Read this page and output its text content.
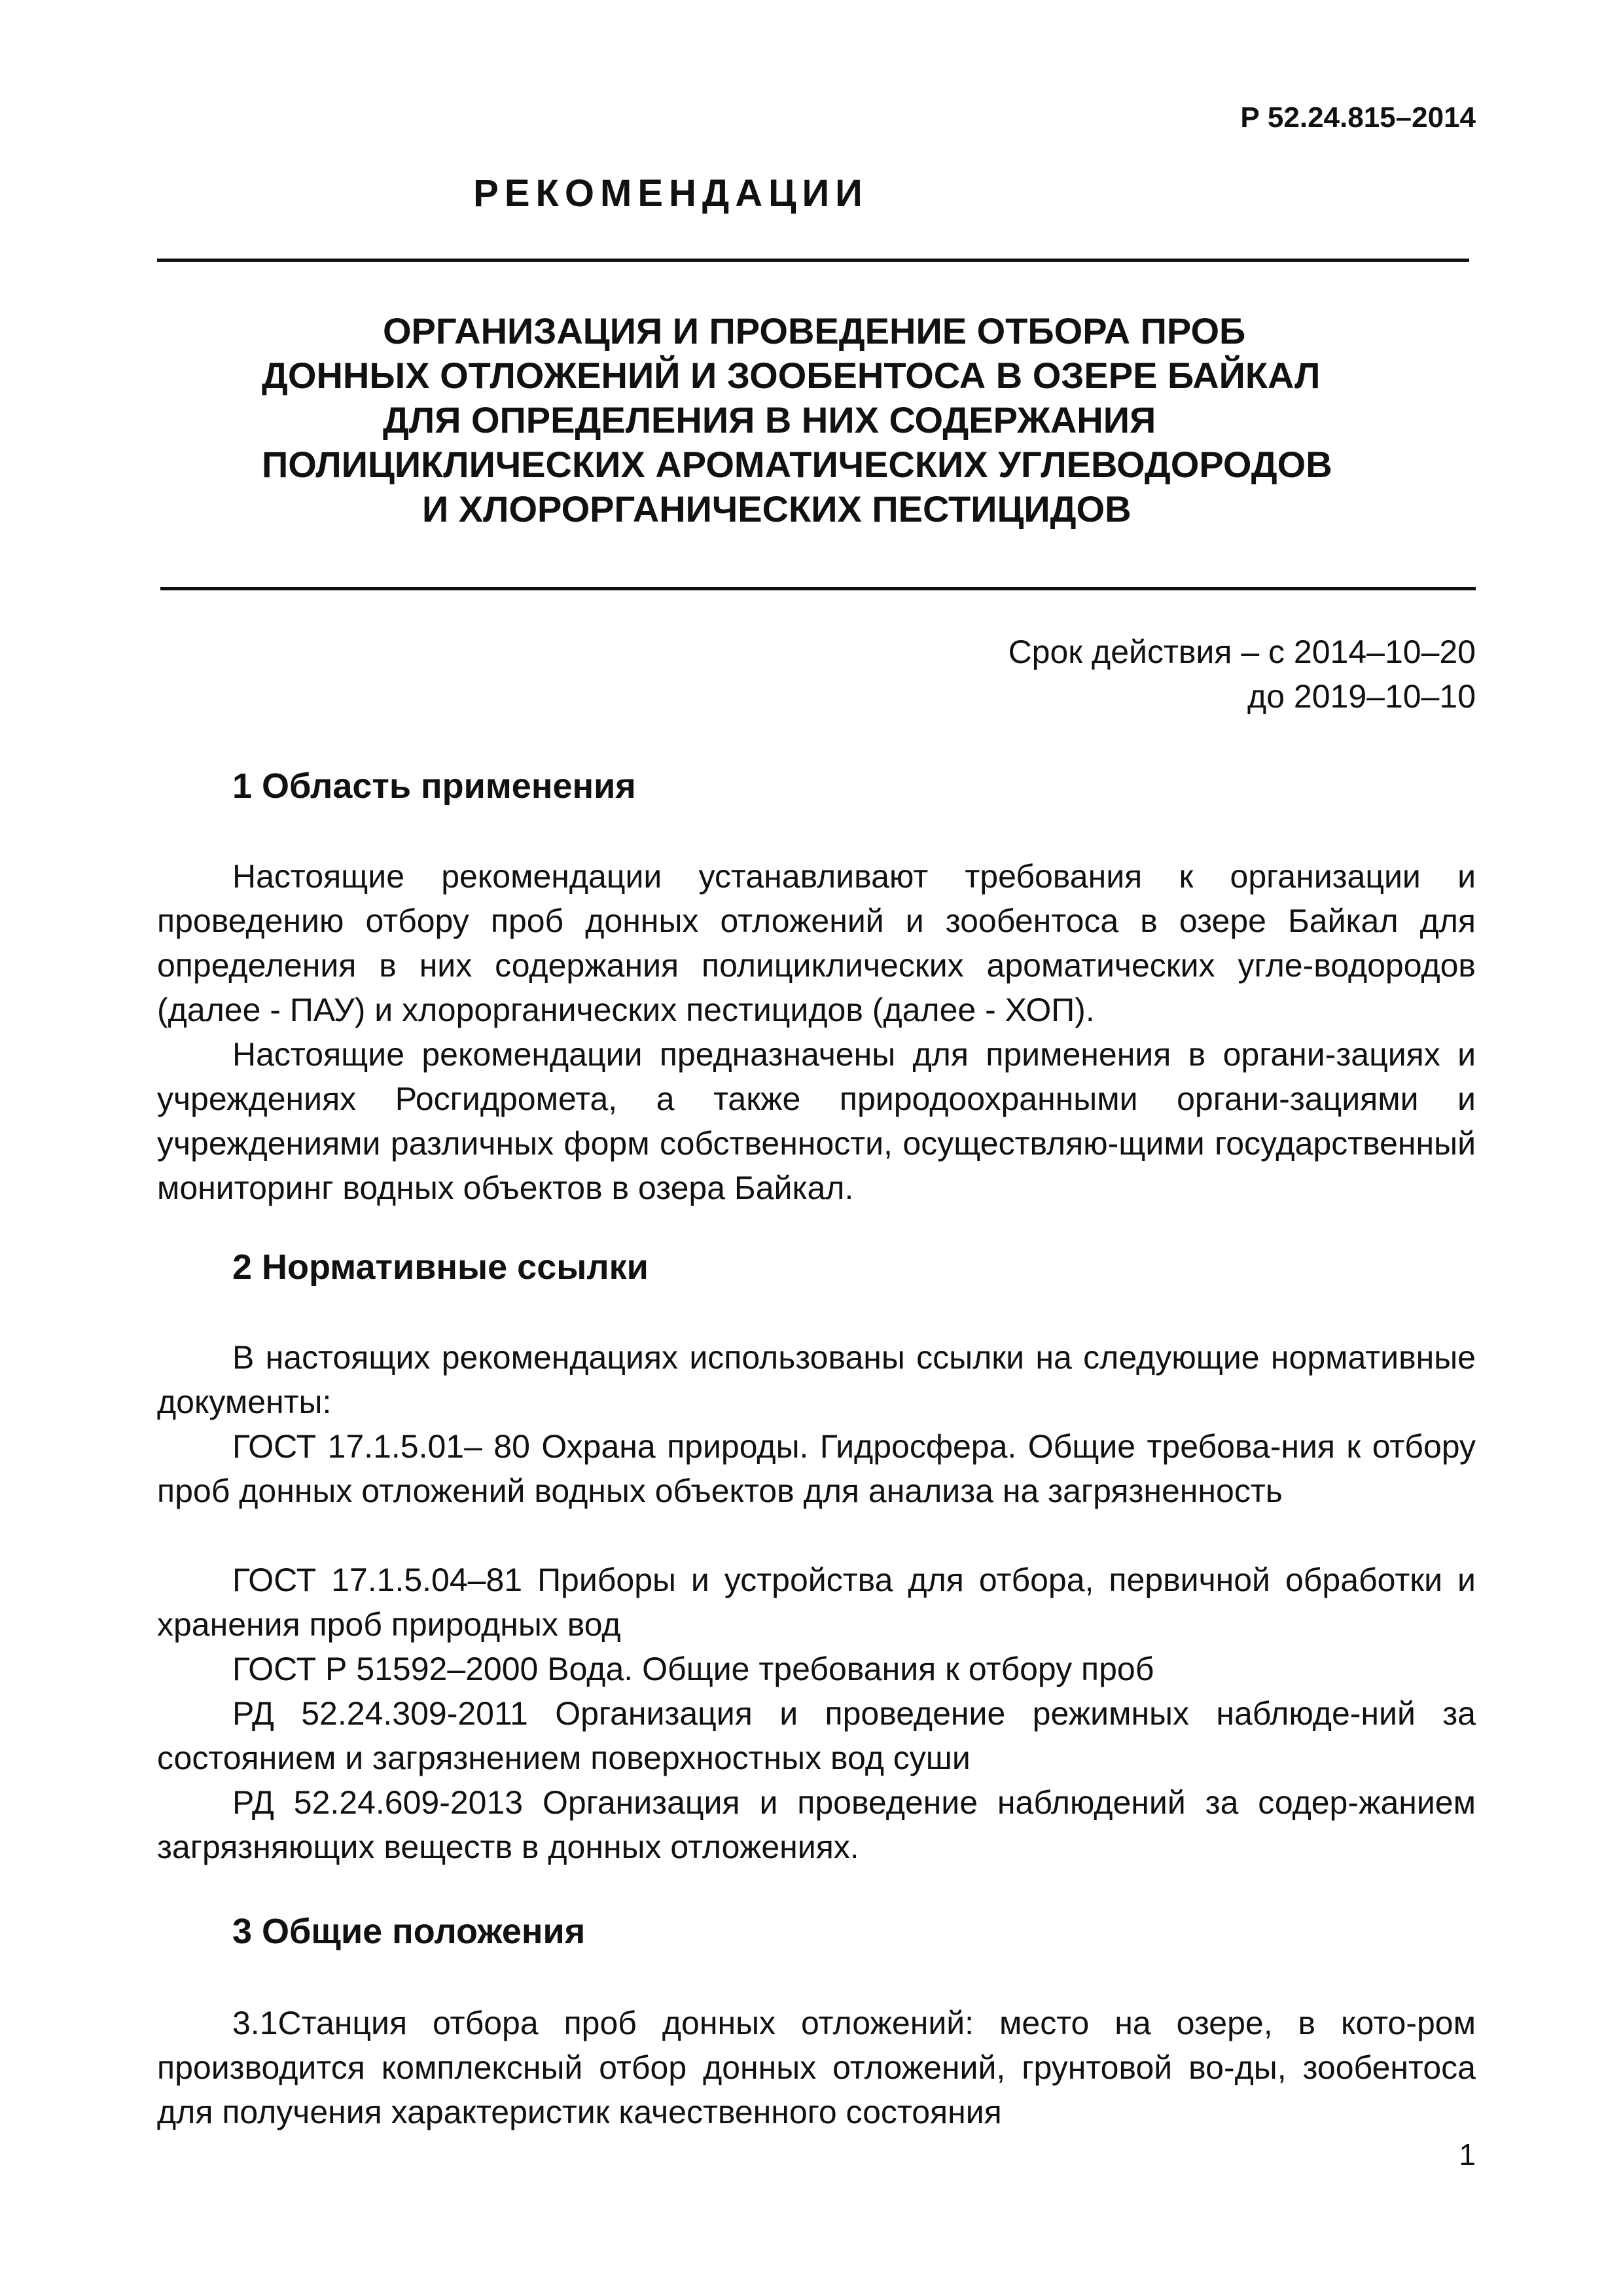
Р 52.24.815–2014
РЕКОМЕНДАЦИИ

ОРГАНИЗАЦИЯ И ПРОВЕДЕНИЕ ОТБОРА ПРОБ

ДОННЫХ ОТЛОЖЕНИЙ И ЗООБЕНТОСА В ОЗЕРЕ БАЙКАЛ

ДЛЯ ОПРЕДЕЛЕНИЯ В НИХ СОДЕРЖАНИЯ

ПОЛИЦИКЛИЧЕСКИХ АРОМАТИЧЕСКИХ УГЛЕВОДОРОДОВ

И ХЛОРОРГАНИЧЕСКИХ ПЕСТИЦИДОВ

Срок действия – с 2014–10–20
до 2019–10–10
1 Область применения

Настоящие рекомендации устанавливают требования к организации и проведению отбору проб донных отложений и зообентоса в озере Байкал для определения в них содержания полициклических ароматических угле-водородов (далее - ПАУ) и хлорорганических пестицидов (далее - ХОП).

Настоящие рекомендации предназначены для применения в органи-зациях и учреждениях Росгидромета, а также природоохранными органи-зациями и учреждениями различных форм собственности, осуществляю-щими государственный мониторинг водных объектов в озера Байкал.

2 Нормативные ссылки

В настоящих рекомендациях использованы ссылки на следующие нормативные документы:

ГОСТ 17.1.5.01– 80 Охрана природы. Гидросфера. Общие требова-ния к отбору проб донных отложений водных объектов для анализа на загрязненность

ГОСТ 17.1.5.04–81 Приборы и устройства для отбора, первичной обработки и хранения проб природных вод

ГОСТ Р 51592–2000 Вода. Общие требования к отбору проб

РД 52.24.309-2011 Организация и проведение режимных наблюде-ний за состоянием и загрязнением поверхностных вод суши

РД 52.24.609-2013 Организация и проведение наблюдений за содер-жанием загрязняющих веществ в донных отложениях.

3 Общие положения

3.1Станция отбора проб донных отложений: место на озере, в кото-ром производится комплексный отбор донных отложений, грунтовой во-ды, зообентоса для получения характеристик качественного состояния

1
